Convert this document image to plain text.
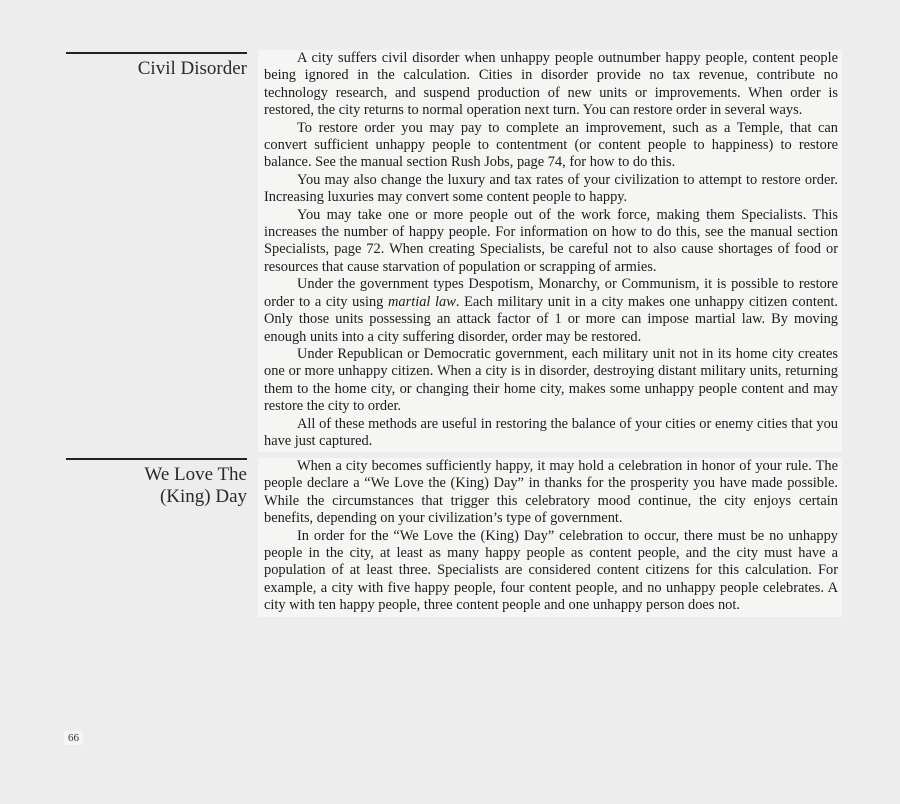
Civil Disorder	A city suffers civil disorder when unhappy people outnumber happy people, content people being ignored in the calculation. Cities in disorder provide no tax revenue, contribute no technology research, and suspend production of new units or improvements. When order is restored, the city returns to normal operation next turn. You can restore order in several ways.

To restore order you may pay to complete an improvement, such as a Temple, that can convert sufficient unhappy people to contentment (or content people to happiness) to restore balance. See the manual section Rush Jobs, page 74, for how to do this.

You may also change the luxury and tax rates of your civilization to attempt to restore order. Increasing luxuries may convert some content people to happy.

You may take one or more people out of the work force, making them Specialists. This increases the number of happy people. For information on how to do this, see the manual section Specialists, page 72. When creating Specialists, be careful not to also cause shortages of food or resources that cause starvation of population or scrapping of armies.

Under the government types Despotism, Monarchy, or Communism, it is possible to restore order to a city using martial law. Each military unit in a city makes one unhappy citizen content. Only those units possessing an attack factor of 1 or more can impose martial law. By moving enough units into a city suffering disorder, order may be restored.

Under Republican or Democratic government, each military unit not in its home city creates one or more unhappy citizen. When a city is in disorder, destroying distant military units, returning them to the home city, or changing their home city, makes some unhappy people content and may restore the city to order.

All of these methods are useful in restoring the balance of your cities or enemy cities that you have just captured.

We Love The
(King) Day

When a city becomes sufficiently happy, it may hold a celebration in honor of your rule. The people declare a “We Love the (King) Day” in thanks for the prosperity you have made possible. While the circumstances that trigger this celebratory mood continue, the city enjoys certain benefits, depending on your civilization’s type of government.

In order for the “We Love the (King) Day” celebration to occur, there must be no unhappy people in the city, at least as many happy people as content people, and the city must have a population of at least three. Specialists are considered content citizens for this calculation. For example, a city with five happy people, four content people, and no unhappy people celebrates. A city with ten happy people, three content people and one unhappy person does not.

66
